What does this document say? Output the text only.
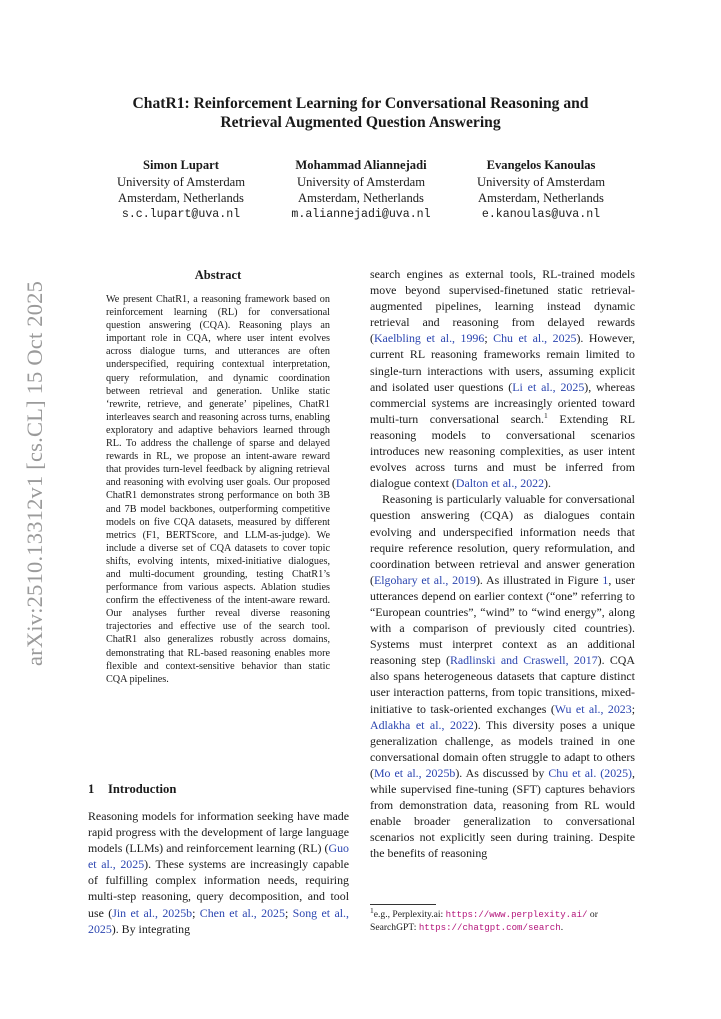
arXiv:2510.13312v1 [cs.CL] 15 Oct 2025
ChatR1: Reinforcement Learning for Conversational Reasoning and
Retrieval Augmented Question Answering
Simon Lupart
University of Amsterdam
Amsterdam, Netherlands
s.c.lupart@uva.nl
Mohammad Aliannejadi
University of Amsterdam
Amsterdam, Netherlands
m.aliannejadi@uva.nl
Evangelos Kanoulas
University of Amsterdam
Amsterdam, Netherlands
e.kanoulas@uva.nl
Abstract
We present ChatR1, a reasoning framework based on reinforcement learning (RL) for conversational question answering (CQA). Reasoning plays an important role in CQA, where user intent evolves across dialogue turns, and utterances are often underspecified, requiring contextual interpretation, query reformulation, and dynamic coordination between retrieval and generation. Unlike static ‘rewrite, retrieve, and generate’ pipelines, ChatR1 interleaves search and reasoning across turns, enabling exploratory and adaptive behaviors learned through RL. To address the challenge of sparse and delayed rewards in RL, we propose an intent-aware reward that provides turn-level feedback by aligning retrieval and reasoning with evolving user goals. Our proposed ChatR1 demonstrates strong performance on both 3B and 7B model backbones, outperforming competitive models on five CQA datasets, measured by different metrics (F1, BERTScore, and LLM-as-judge). We include a diverse set of CQA datasets to cover topic shifts, evolving intents, mixed-initiative dialogues, and multi-document grounding, testing ChatR1’s performance from various aspects. Ablation studies confirm the effectiveness of the intent-aware reward. Our analyses further reveal diverse reasoning trajectories and effective use of the search tool. ChatR1 also generalizes robustly across domains, demonstrating that RL-based reasoning enables more flexible and context-sensitive behavior than static CQA pipelines.
1 Introduction
Reasoning models for information seeking have made rapid progress with the development of large language models (LLMs) and reinforcement learning (RL) (Guo et al., 2025). These systems are increasingly capable of fulfilling complex information needs, requiring multi-step reasoning, query decomposition, and tool use (Jin et al., 2025b; Chen et al., 2025; Song et al., 2025). By integrating

search engines as external tools, RL-trained models move beyond supervised-finetuned static retrieval-augmented pipelines, learning instead dynamic retrieval and reasoning from delayed rewards (Kaelbling et al., 1996; Chu et al., 2025). However, current RL reasoning frameworks remain limited to single-turn interactions with users, assuming explicit and isolated user questions (Li et al., 2025), whereas commercial systems are increasingly oriented toward multi-turn conversational search.$^1$ Extending RL reasoning models to conversational scenarios introduces new reasoning complexities, as user intent evolves across turns and must be inferred from dialogue context (Dalton et al., 2022).

Reasoning is particularly valuable for conversational question answering (CQA) as dialogues contain evolving and underspecified information needs that require reference resolution, query reformulation, and coordination between retrieval and answer generation (Elgohary et al., 2019). As illustrated in Figure 1, user utterances depend on earlier context (“one” referring to “European countries”, “wind” to “wind energy”, along with a comparison of previously cited countries). Systems must interpret context as an additional reasoning step (Radlinski and Craswell, 2017). CQA also spans heterogeneous datasets that capture distinct user interaction patterns, from topic transitions, mixed-initiative to task-oriented exchanges (Wu et al., 2023; Adlakha et al., 2022). This diversity poses a unique generalization challenge, as models trained in one conversational domain often struggle to adapt to others (Mo et al., 2025b). As discussed by Chu et al. (2025), while supervised fine-tuning (SFT) captures behaviors from demonstration data, reasoning from RL would enable broader generalization to conversational scenarios not explicitly seen during training. Despite the benefits of reasoning

$^1$e.g., Perplexity.ai: https://www.perplexity.ai/ or SearchGPT: https://chatgpt.com/search.
